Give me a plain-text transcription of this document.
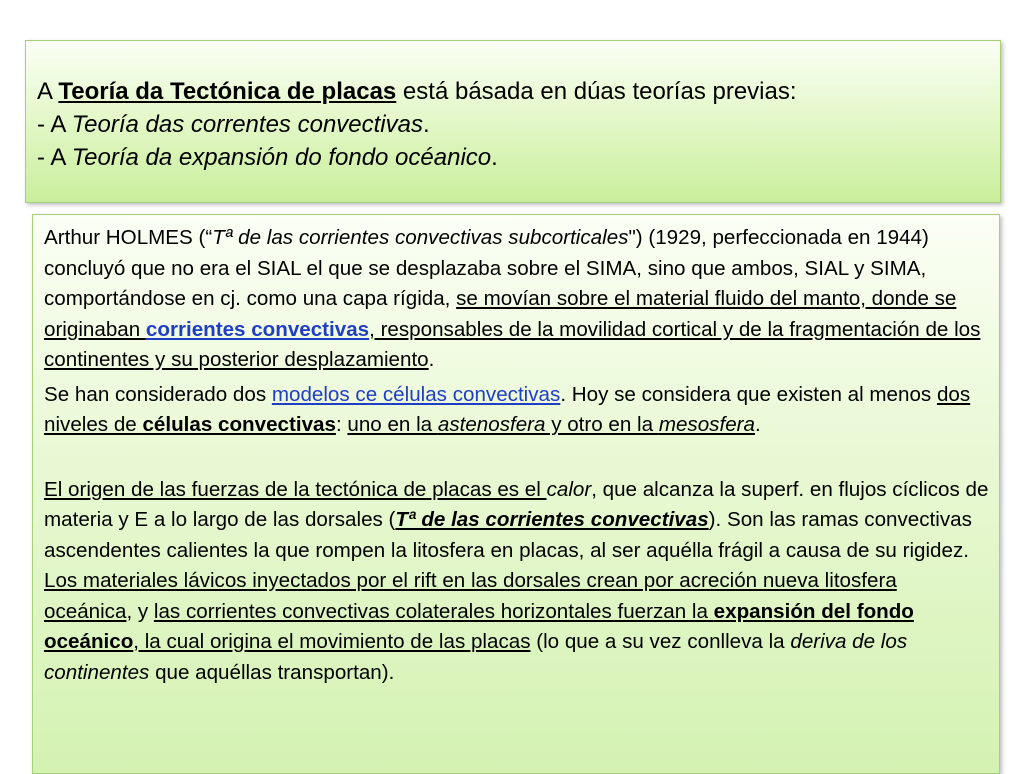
A Teoría da Tectónica de placas está básada en dúas teorías previas:
- A Teoría das correntes convectivas.
- A Teoría da expansión do fondo océanico.

Arthur HOLMES (“Tª de las corrientes convectivas subcorticales") (1929, perfeccionada en 1944) concluyó que no era el SIAL el que se desplazaba sobre el SIMA, sino que ambos, SIAL y SIMA, comportándose en cj. como una capa rígida, se movían sobre el material fluido del manto, donde se originaban corrientes convectivas, responsables de la movilidad cortical y de la fragmentación de los continentes y su posterior desplazamiento.

Se han considerado dos modelos ce células convectivas. Hoy se considera que existen al menos dos niveles de células convectivas: uno en la astenosfera y otro en la mesosfera.

El origen de las fuerzas de la tectónica de placas es el calor, que alcanza la superf. en flujos cíclicos de materia y E a lo largo de las dorsales (Tª de las corrientes convectivas). Son las ramas convectivas ascendentes calientes la que rompen la litosfera en placas, al ser aquélla frágil a causa de su rigidez.

Los materiales lávicos inyectados por el rift en las dorsales crean por acreción nueva litosfera oceánica, y las corrientes convectivas colaterales horizontales fuerzan la expansión del fondo oceánico, la cual origina el movimiento de las placas (lo que a su vez conlleva la deriva de los continentes que aquéllas transportan).
